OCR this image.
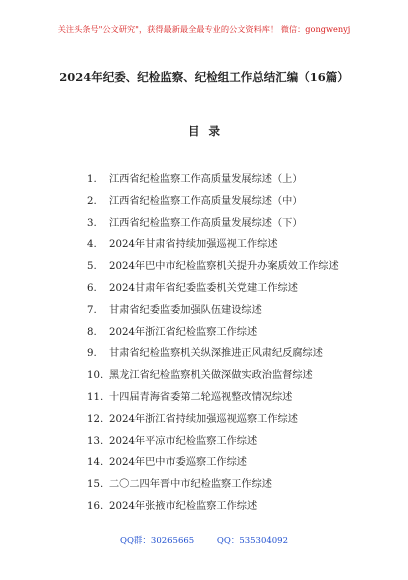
关注头条号"公文研究"，获得最新最全最专业的公文资料库！ 微信：gongwenyj
2024年纪委、纪检监察、纪检组工作总结汇编（16篇）
目录
1.	江西省纪检监察工作高质量发展综述（上）
2.	江西省纪检监察工作高质量发展综述（中）
3.	江西省纪检监察工作高质量发展综述（下）
4.	2024年甘肃省持续加强巡视工作综述
5.	2024年巴中市纪检监察机关提升办案质效工作综述
6.	2024甘肃年省纪委监委机关党建工作综述
7.	甘肃省纪委监委加强队伍建设综述
8.	2024年浙江省纪检监察工作综述
9.	甘肃省纪检监察机关纵深推进正风肃纪反腐综述
10. 黑龙江省纪检监察机关做深做实政治监督综述
11. 十四届青海省委第二轮巡视整改情况综述
12. 2024年浙江省持续加强巡视巡察工作综述
13. 2024年平凉市纪检监察工作综述
14. 2024年巴中市委巡察工作综述
15. 二〇二四年晋中市纪检监察工作综述
16. 2024年张掖市纪检监察工作综述
QQ群：30265665	QQ：535304092
